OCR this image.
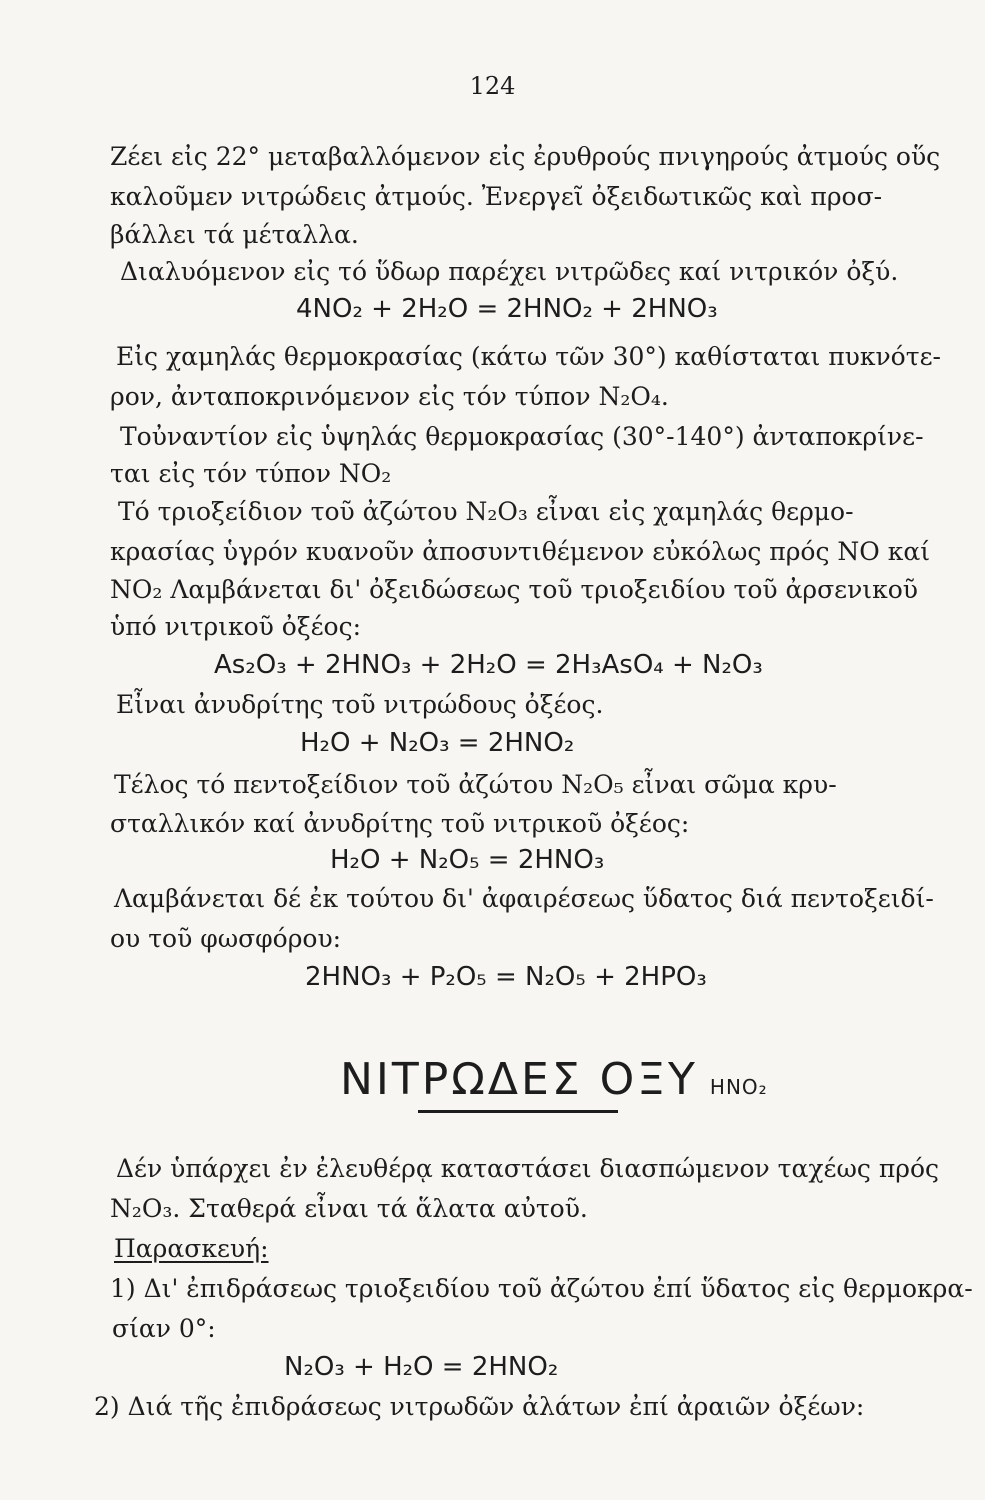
124
Ζέει εἰς 22° μεταβαλλόμενον εἰς ἐρυθρούς πνιγηρούς ἀτμούς οὕς
καλοῦμεν νιτρώδεις ἀτμούς. Ἐνεργεῖ ὀξειδωτικῶς καὶ προσ-
βάλλει τά μέταλλα.
Διαλυόμενον εἰς τό ὕδωρ παρέχει νιτρῶδες καί νιτρικόν ὀξύ.
4NO₂ + 2H₂O = 2HNO₂ + 2HNO₃
Εἰς χαμηλάς θερμοκρασίας (κάτω τῶν 30°) καθίσταται πυκνότε-
ρον, ἀνταποκρινόμενον εἰς τόν τύπον N₂O₄.
Τοὐναντίον εἰς ὑψηλάς θερμοκρασίας (30°-140°) ἀνταποκρίνε-
ται εἰς τόν τύπον NO₂
Τό τριοξείδιον τοῦ ἀζώτου N₂O₃ εἶναι εἰς χαμηλάς θερμο-
κρασίας ὑγρόν κυανοῦν ἀποσυντιθέμενον εὐκόλως πρός NO καί
NO₂ Λαμβάνεται δι' ὀξειδώσεως τοῦ τριοξειδίου τοῦ ἀρσενικοῦ
ὑπό νιτρικοῦ ὀξέος:
As₂O₃ + 2HNO₃ + 2H₂O = 2H₃AsO₄ + N₂O₃
Εἶναι ἀνυδρίτης τοῦ νιτρώδους ὀξέος.
H₂O + N₂O₃ = 2HNO₂
Τέλος τό πεντοξείδιον τοῦ ἀζώτου N₂O₅ εἶναι σῶμα κρυ-
σταλλικόν καί ἀνυδρίτης τοῦ νιτρικοῦ ὀξέος:
H₂O + N₂O₅ = 2HNO₃
Λαμβάνεται δέ ἐκ τούτου δι' ἀφαιρέσεως ὕδατος διά πεντοξειδί-
ου τοῦ φωσφόρου:
2HNO₃ + P₂O₅ = N₂O₅ + 2HPO₃
ΝΙΤΡΩΔΕΣ ΟΞΥ HNO₂
Δέν ὑπάρχει ἐν ἐλευθέρᾳ καταστάσει διασπώμενον ταχέως πρός
N₂O₃. Σταθερά εἶναι τά ἅλατα αὐτοῦ.
Παρασκευή:
1) Δι' ἐπιδράσεως τριοξειδίου τοῦ ἀζώτου ἐπί ὕδατος εἰς θερμοκρα-
σίαν 0°:
N₂O₃ + H₂O = 2HNO₂
2) Διά τῆς ἐπιδράσεως νιτρωδῶν ἀλάτων ἐπί ἀραιῶν ὀξέων:
